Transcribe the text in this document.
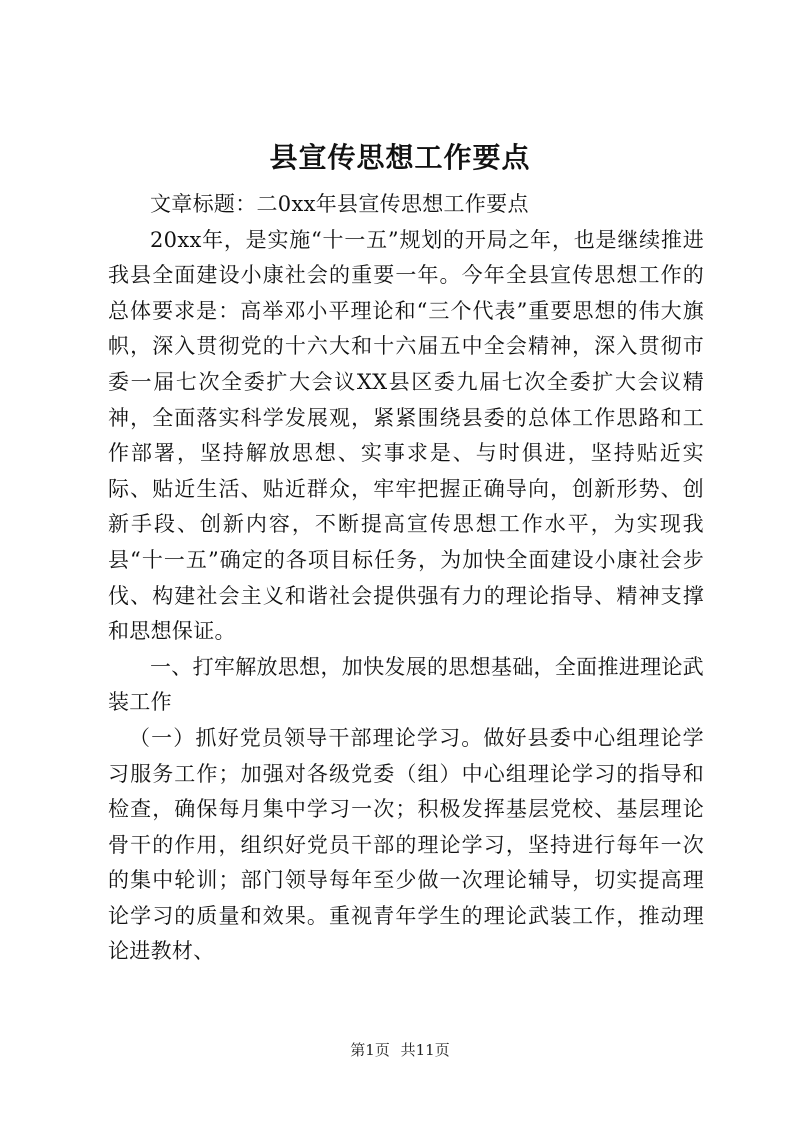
县宣传思想工作要点

文章标题：二0xx年县宣传思想工作要点

20xx年，是实施“十一五”规划的开局之年，也是继续推进我县全面建设小康社会的重要一年。今年全县宣传思想工作的总体要求是：高举邓小平理论和“三个代表”重要思想的伟大旗帜，深入贯彻党的十六大和十六届五中全会精神，深入贯彻市委一届七次全委扩大会议XX县区委九届七次全委扩大会议精神，全面落实科学发展观，紧紧围绕县委的总体工作思路和工作部署，坚持解放思想、实事求是、与时俱进，坚持贴近实际、贴近生活、贴近群众，牢牢把握正确导向，创新形势、创新手段、创新内容，不断提高宣传思想工作水平，为实现我县“十一五”确定的各项目标任务，为加快全面建设小康社会步伐、构建社会主义和谐社会提供强有力的理论指导、精神支撑和思想保证。

一、打牢解放思想，加快发展的思想基础，全面推进理论武装工作

（一）抓好党员领导干部理论学习。做好县委中心组理论学习服务工作；加强对各级党委（组）中心组理论学习的指导和检查，确保每月集中学习一次；积极发挥基层党校、基层理论骨干的作用，组织好党员干部的理论学习，坚持进行每年一次的集中轮训；部门领导每年至少做一次理论辅导，切实提高理论学习的质量和效果。重视青年学生的理论武装工作，推动理论进教材、

第1页 共11页
